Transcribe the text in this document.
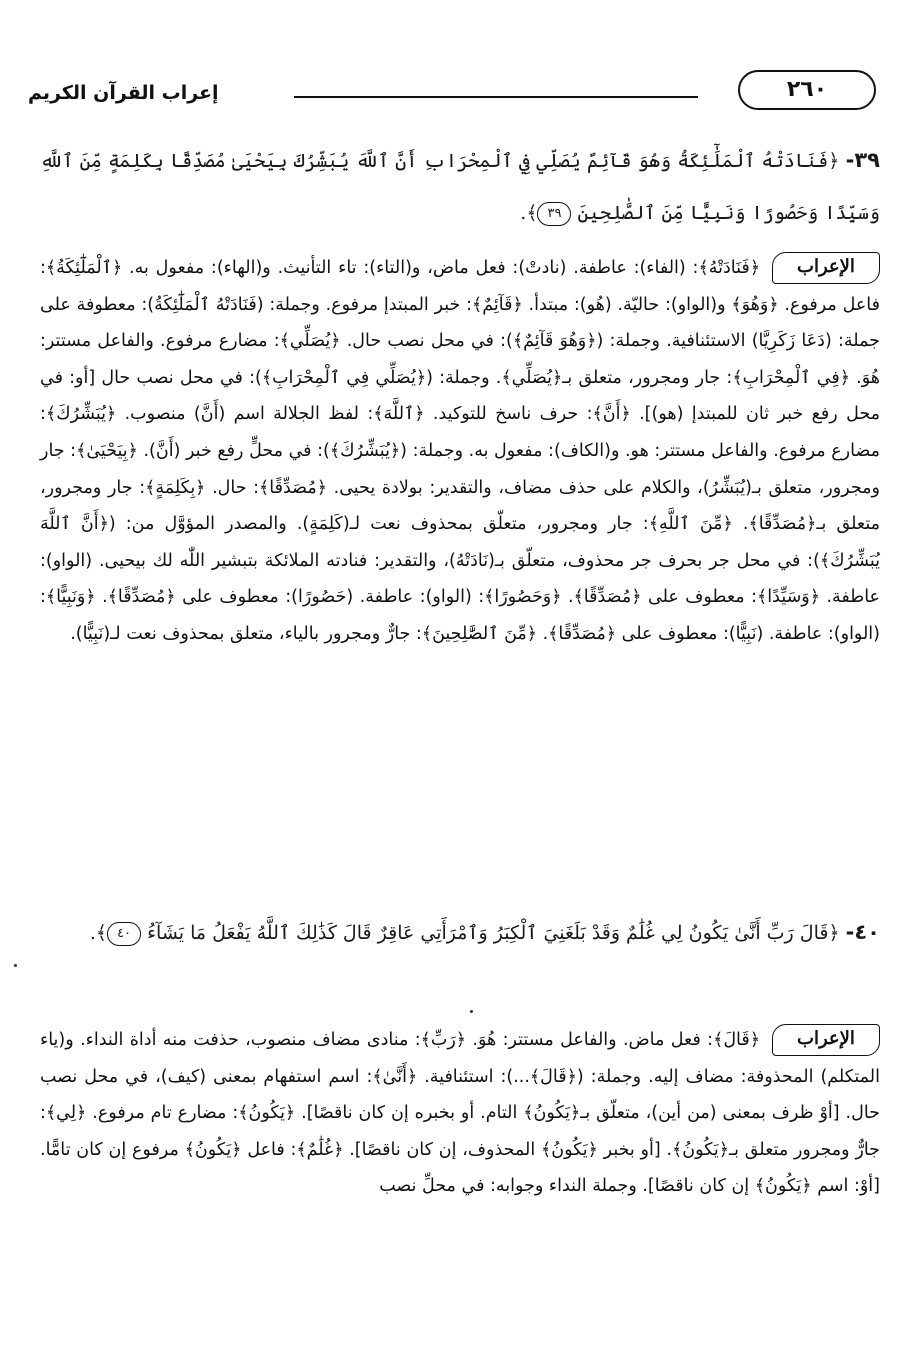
إعراب القرآن الكريم	٢٦٠
٣٩- ﴿فَنَادَتْهُ ٱلْمَلَٰٓئِكَةُ وَهُوَ قَآئِمٌ يُصَلِّي فِي ٱلْمِحْرَابِ أَنَّ ٱللَّهَ يُبَشِّرُكَ بِيَحْيَىٰ مُصَدِّقًا بِكَلِمَةٍ مِّنَ ٱللَّهِ وَسَيِّدًا وَحَصُورًا وَنَبِيًّا مِّنَ ٱلصَّٰلِحِينَ ٣٩﴾.
الإعراب﴿فَنَادَتْهُ﴾: (الفاء): عاطفة. (نادتْ): فعل ماض، و(التاء): تاء التأنيث. و(الهاء): مفعول به. ﴿ٱلْمَلَٰٓئِكَةُ﴾: فاعل مرفوع. ﴿وَهُوَ﴾ و(الواو): حاليّة. (هُو): مبتدأ. ﴿قَآئِمٌ﴾: خبر المبتدإ مرفوع. وجملة: (فَنَادَتْهُ ٱلْمَلَٰٓئِكَةُ): معطوفة على جملة: (دَعَا زَكَرِيَّا) الاستئنافية. وجملة: (﴿وَهُوَ قَآئِمٌ﴾): في محل نصب حال. ﴿يُصَلِّي﴾: مضارع مرفوع. والفاعل مستتر: هُوَ. ﴿فِي ٱلْمِحْرَابِ﴾: جار ومجرور، متعلق بـ﴿يُصَلِّي﴾. وجملة: (﴿يُصَلِّي فِي ٱلْمِحْرَابِ﴾): في محل نصب حال [أو: في محل رفع خبر ثان للمبتدإ (هو)]. ﴿أَنَّ﴾: حرف ناسخ للتوكيد. ﴿ٱللَّهَ﴾: لفظ الجلالة اسم (أَنَّ) منصوب. ﴿يُبَشِّرُكَ﴾: مضارع مرفوع. والفاعل مستتر: هو. و(الكاف): مفعول به. وجملة: (﴿يُبَشِّرُكَ﴾): في محلٍّ رفع خبر (أَنَّ). ﴿بِيَحْيَىٰ﴾: جار ومجرور، متعلق بـ(يُبَشِّرُ)، والكلام على حذف مضاف، والتقدير: بولادة يحيى. ﴿مُصَدِّقًا﴾: حال. ﴿بِكَلِمَةٍ﴾: جار ومجرور، متعلق بـ﴿مُصَدِّقًا﴾. ﴿مِّنَ ٱللَّهِ﴾: جار ومجرور، متعلّق بمحذوف نعت لـ(كَلِمَةٍ). والمصدر المؤوَّل من: (﴿أَنَّ ٱللَّهَ يُبَشِّرُكَ﴾): في محل جر بحرف جر محذوف، متعلّق بـ(نَادَتْهُ)، والتقدير: فنادته الملائكة بتبشير اللّٰه لك بيحيى. (الواو): عاطفة. ﴿وَسَيِّدًا﴾: معطوف على ﴿مُصَدِّقًا﴾. ﴿وَحَصُورًا﴾: (الواو): عاطفة. (حَصُورًا): معطوف على ﴿مُصَدِّقًا﴾. ﴿وَنَبِيًّا﴾: (الواو): عاطفة. (نَبِيًّا): معطوف على ﴿مُصَدِّقًا﴾. ﴿مِّنَ ٱلصَّٰلِحِينَ﴾: جارٌّ ومجرور بالياء، متعلق بمحذوف نعت لـ(نَبِيًّا).
٤٠- ﴿قَالَ رَبِّ أَنَّىٰ يَكُونُ لِي غُلَٰمٌ وَقَدْ بَلَغَنِيَ ٱلْكِبَرُ وَٱمْرَأَتِي عَاقِرٌ قَالَ كَذَٰلِكَ ٱللَّهُ يَفْعَلُ مَا يَشَآءُ ٤٠﴾.
الإعراب﴿قَالَ﴾: فعل ماض. والفاعل مستتر: هُوَ. ﴿رَبِّ﴾: منادى مضاف منصوب، حذفت منه أداة النداء. و(ياء المتكلم) المحذوفة: مضاف إليه. وجملة: (﴿قَالَ﴾...): استئنافية. ﴿أَنَّىٰ﴾: اسم استفهام بمعنى (كيف)، في محل نصب حال. [أوْ ظرف بمعنى (من أين)، متعلّق بـ﴿يَكُونُ﴾ التام. أو بخبره إن كان ناقصًا]. ﴿يَكُونُ﴾: مضارع تام مرفوع. ﴿لِي﴾: جارٌّ ومجرور متعلق بـ﴿يَكُونُ﴾. [أو بخبر ﴿يَكُونُ﴾ المحذوف، إن كان ناقصًا]. ﴿غُلَٰمٌ﴾: فاعل ﴿يَكُونُ﴾ مرفوع إن كان تامًّا. [أوْ: اسم ﴿يَكُونُ﴾ إن كان ناقصًا]. وجملة النداء وجوابه: في محلِّ نصب
